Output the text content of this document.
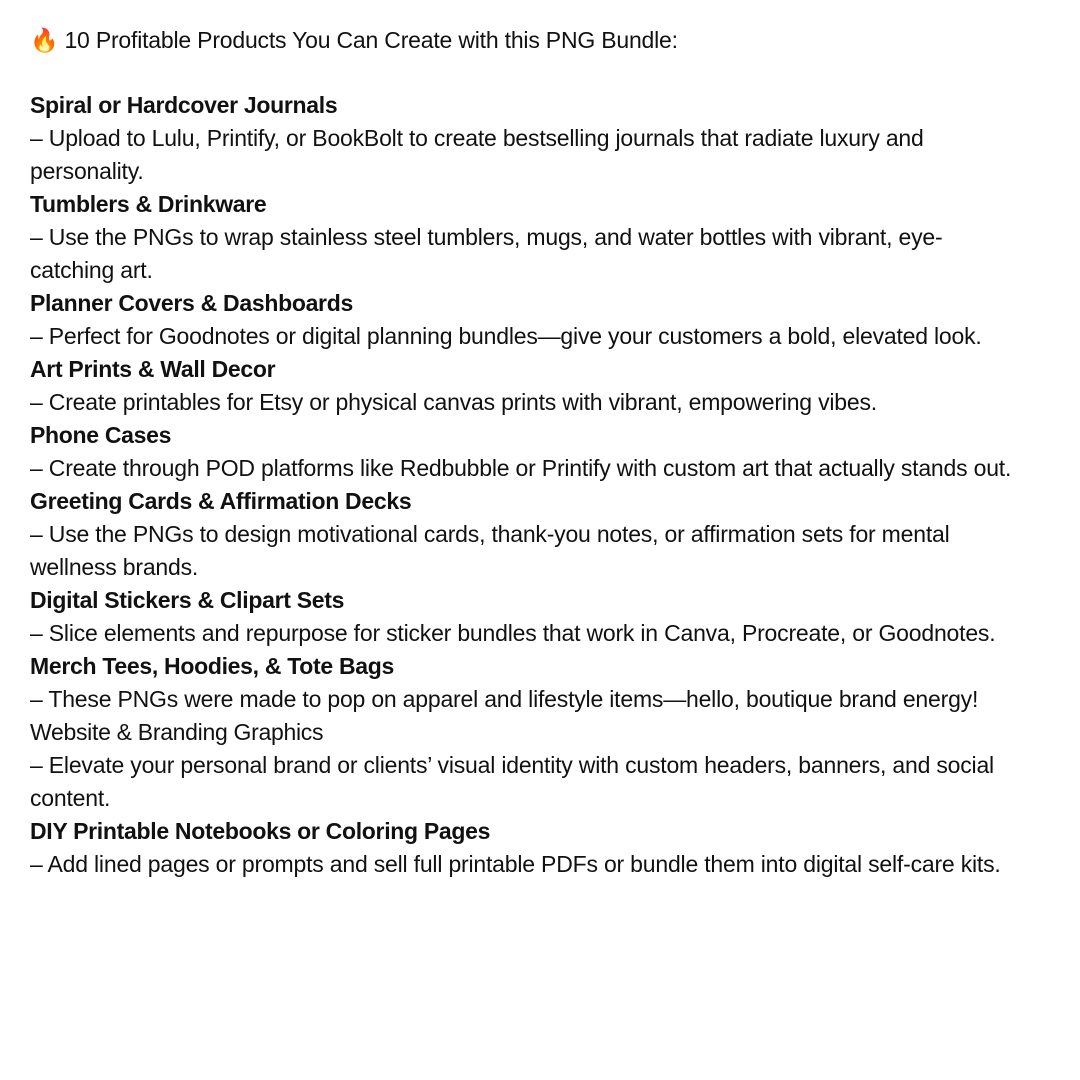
🔥 10 Profitable Products You Can Create with this PNG Bundle:

Spiral or Hardcover Journals

– Upload to Lulu, Printify, or BookBolt to create bestselling journals that radiate luxury and personality.

Tumblers & Drinkware

– Use the PNGs to wrap stainless steel tumblers, mugs, and water bottles with vibrant, eye-catching art.

Planner Covers & Dashboards

– Perfect for Goodnotes or digital planning bundles—give your customers a bold, elevated look.

Art Prints & Wall Decor

– Create printables for Etsy or physical canvas prints with vibrant, empowering vibes.

Phone Cases

– Create through POD platforms like Redbubble or Printify with custom art that actually stands out.

Greeting Cards & Affirmation Decks

– Use the PNGs to design motivational cards, thank-you notes, or affirmation sets for mental wellness brands.

Digital Stickers & Clipart Sets

– Slice elements and repurpose for sticker bundles that work in Canva, Procreate, or Goodnotes.

Merch Tees, Hoodies, & Tote Bags

– These PNGs were made to pop on apparel and lifestyle items—hello, boutique brand energy!

Website & Branding Graphics

– Elevate your personal brand or clients’ visual identity with custom headers, banners, and social content.

DIY Printable Notebooks or Coloring Pages

– Add lined pages or prompts and sell full printable PDFs or bundle them into digital self-care kits.
